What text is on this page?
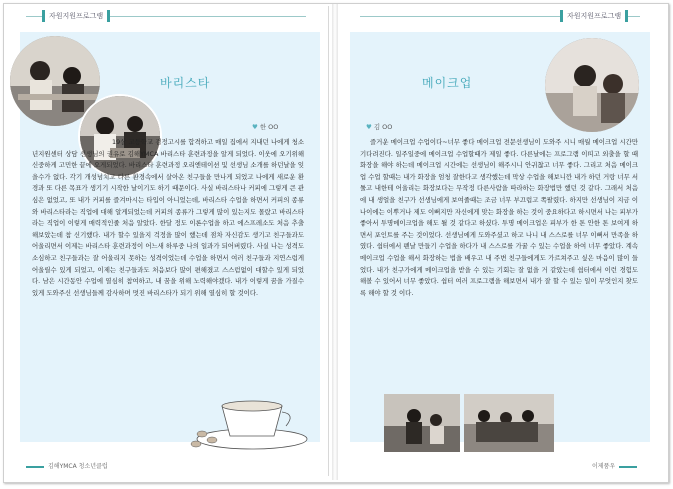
자원지원프로그램
바리스타
♥ 한 OO
19살 고등학교 검정고시를 합격하고 매일 집에서 지내던 나에게 청소년지원센터 상담 선생님의 권유로 김해YMCA 바리스타 훈련과정을 알게 되었다. 이웃에 오기위해 신중하게 고민한 끝에 오게되었다. 바리스타 훈련과정 오리엔테이션 및 선생님 소개를 하던날을 잊을수가 없다. 각기 개성넘치고 다른 환경속에서 살아온 친구들을 만나게 되었고 나에게 새로운 환경과 또 다른 목표가 생기기 시작한 날이기도 하기 때문이다. 사실 바리스타나 커피에 그렇게 큰 관심은 없었고, 또 내가 커피를 즐겨마시는 타입이 아니었는데, 바리스타 수업을 하면서 커피의 종류와 바리스타라는 직업에 대해 알게되었는데 커피의 종류가 그렇게 많이 있는지도 몰랐고 바리스타라는 직업이 이렇게 매력적인줄 처음 알았다. 한달 정도 이론수업을 하고 에스프레소도 처음 추출해보았는데 참 신기했다. 내가 할수 있을지 걱정을 많이 했는데 점차 자신감도 생기고 친구들과도 어울리면서 이제는 바리스타 훈련과정이 어느새 하루중 나의 일과가 되어버렸다. 사실 나는 성격도 소심하고 친구들과는 잘 어울리지 못하는 성격이었는데 수업을 하면서 여러 친구들과 지연스럽게 어울릴수 있게 되었고, 이제는 친구들과도 처음보다 많이 편해졌고 스스럼없이 대할수 있게 되었다. 남은 시간동안 수업에 열심히 참여하고, 내 꿈을 위해 노력해야겠다. 내가 이렇게 꿈을 가질수 있게 도와주신 선생님들께 감사하며 멋진 바리스타가 되기 위해 열심히 할 것이다.
김해YMCA 청소년클럽
자원지원프로그램
메이크업
♥ 김 OO
즐거운 메이크업 수업이다~너무 좋다 메이크업 전문선생님이 도와주 시니 매월 메이크업 시간만 기다려진다. 일주일중에 메이크업 수업할때가 제일 좋다. 다른날에는 프로그램 이띠고 외출을 할 때 화장을 해야 하는데 메이크업 시간에는 선생님이 해주시니 안귀찮고 너무 좋다. 그리고 처음 메이크업 수업 할때는 내가 화장을 엄청 잘한다고 생각했는데 막상 수업을 해보니깐 내가 하던 거랑 너무 서툴고 내한테 어울리는 화장보다는 무작정 다른사람을 따라하는 화장법만 했던 것 같다. 그래서 처음에 내 생얼을 친구가 선생님에게 보여줄때는 조금 너무 부끄럽고 쪽팔렸다. 하지만 선생님이 지금 이 나이에는 이뿌거나 제도 이뻐지만 자신에게 맞는 화장을 하는 것이 중요하다고 하시면서 나는 피부가 좋아서 투명메이크업을 해도 될 것 같다고 하셨다. 투명 메이크업은 피부가 한 톤 안한 톤 보여게 하면서 포인트를 주는 것이었다. 선생님에게 도와주셨고 하고 나니 내 스스로를 너무 이뻐서 만족을 하였다. 쉽터에서 펜날 만들기 수업을 하다가 내 스스로를 가꿀 수 있는 수업을 하여 너무 좋았다. 계속 메이크업 수업을 해서 화장하는 법을 배우고 내 주변 친구들에게도 가르쳐주고 싶은 마음이 많이 들었다. 내가 친구가에게 메이크업을 받을 수 있는 기회는 잘 없을 거 같았는데 쉽터에서 이런 경험도 해볼 수 있어서 너무 좋았다. 쉽터 여러 프로그램을 해보면서 내가 잘 할 수 있는 일이 무엇인지 찾도록 해야 할 것 이다.
이제품우
